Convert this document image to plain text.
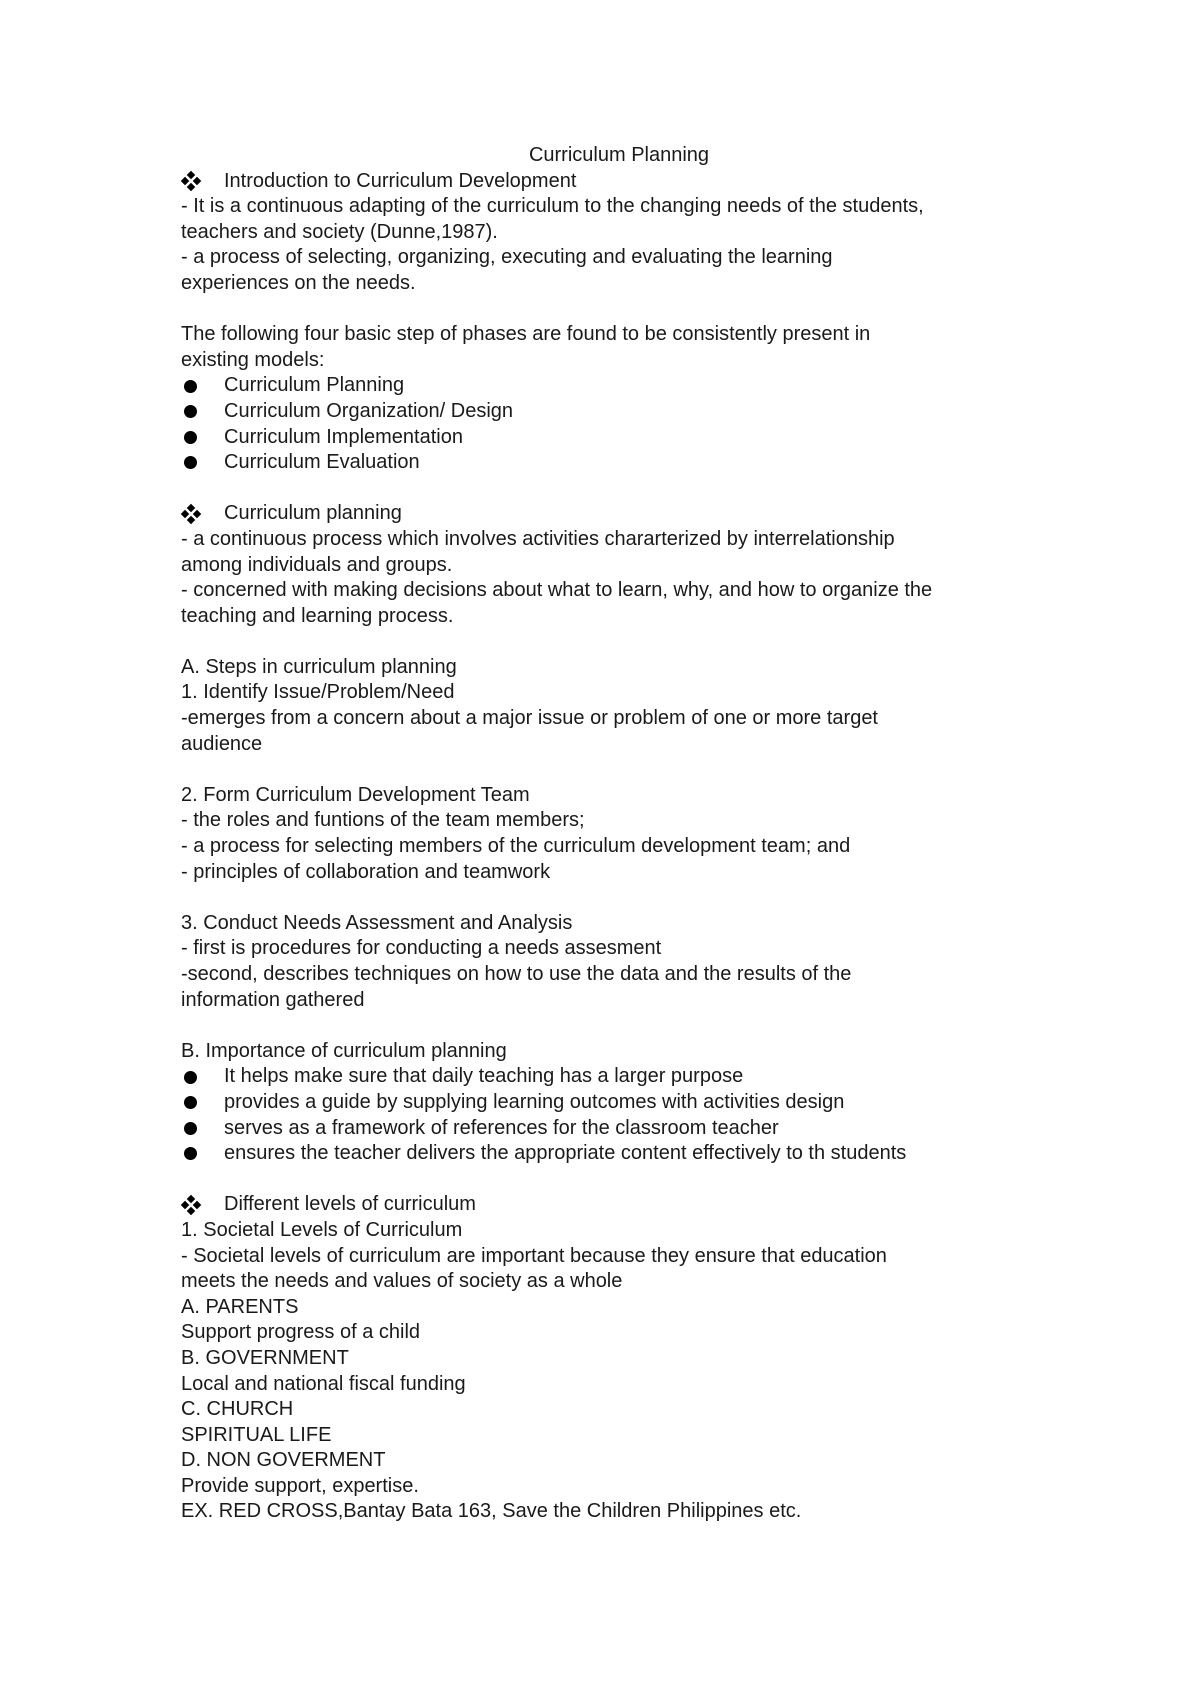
Curriculum Planning
Introduction to Curriculum Development
- It is a continuous adapting of the curriculum to the changing needs of the students,
teachers and society (Dunne,1987).
- a process of selecting, organizing, executing and evaluating the learning
experiences on the needs.
The following four basic step of phases are found to be consistently present in
existing models:
Curriculum Planning
Curriculum Organization/ Design
Curriculum Implementation
Curriculum Evaluation
Curriculum planning
- a continuous process which involves activities chararterized by interrelationship
among individuals and groups.
- concerned with making decisions about what to learn, why, and how to organize the
teaching and learning process.
A. Steps in curriculum planning
1. Identify Issue/Problem/Need
-emerges from a concern about a major issue or problem of one or more target
audience
2. Form Curriculum Development Team
- the roles and funtions of the team members;
- a process for selecting members of the curriculum development team; and
- principles of collaboration and teamwork
3. Conduct Needs Assessment and Analysis
- first is procedures for conducting a needs assesment
-second, describes techniques on how to use the data and the results of the
information gathered
B. Importance of curriculum planning
It helps make sure that daily teaching has a larger purpose
provides a guide by supplying learning outcomes with activities design
serves as a framework of references for the classroom teacher
ensures the teacher delivers the appropriate content effectively to th students
Different levels of curriculum
1. Societal Levels of Curriculum
- Societal levels of curriculum are important because they ensure that education
meets the needs and values of society as a whole
A. PARENTS
Support progress of a child
B. GOVERNMENT
Local and national fiscal funding
C. CHURCH
SPIRITUAL LIFE
D. NON GOVERMENT
Provide support, expertise.
EX. RED CROSS,Bantay Bata 163, Save the Children Philippines etc.
